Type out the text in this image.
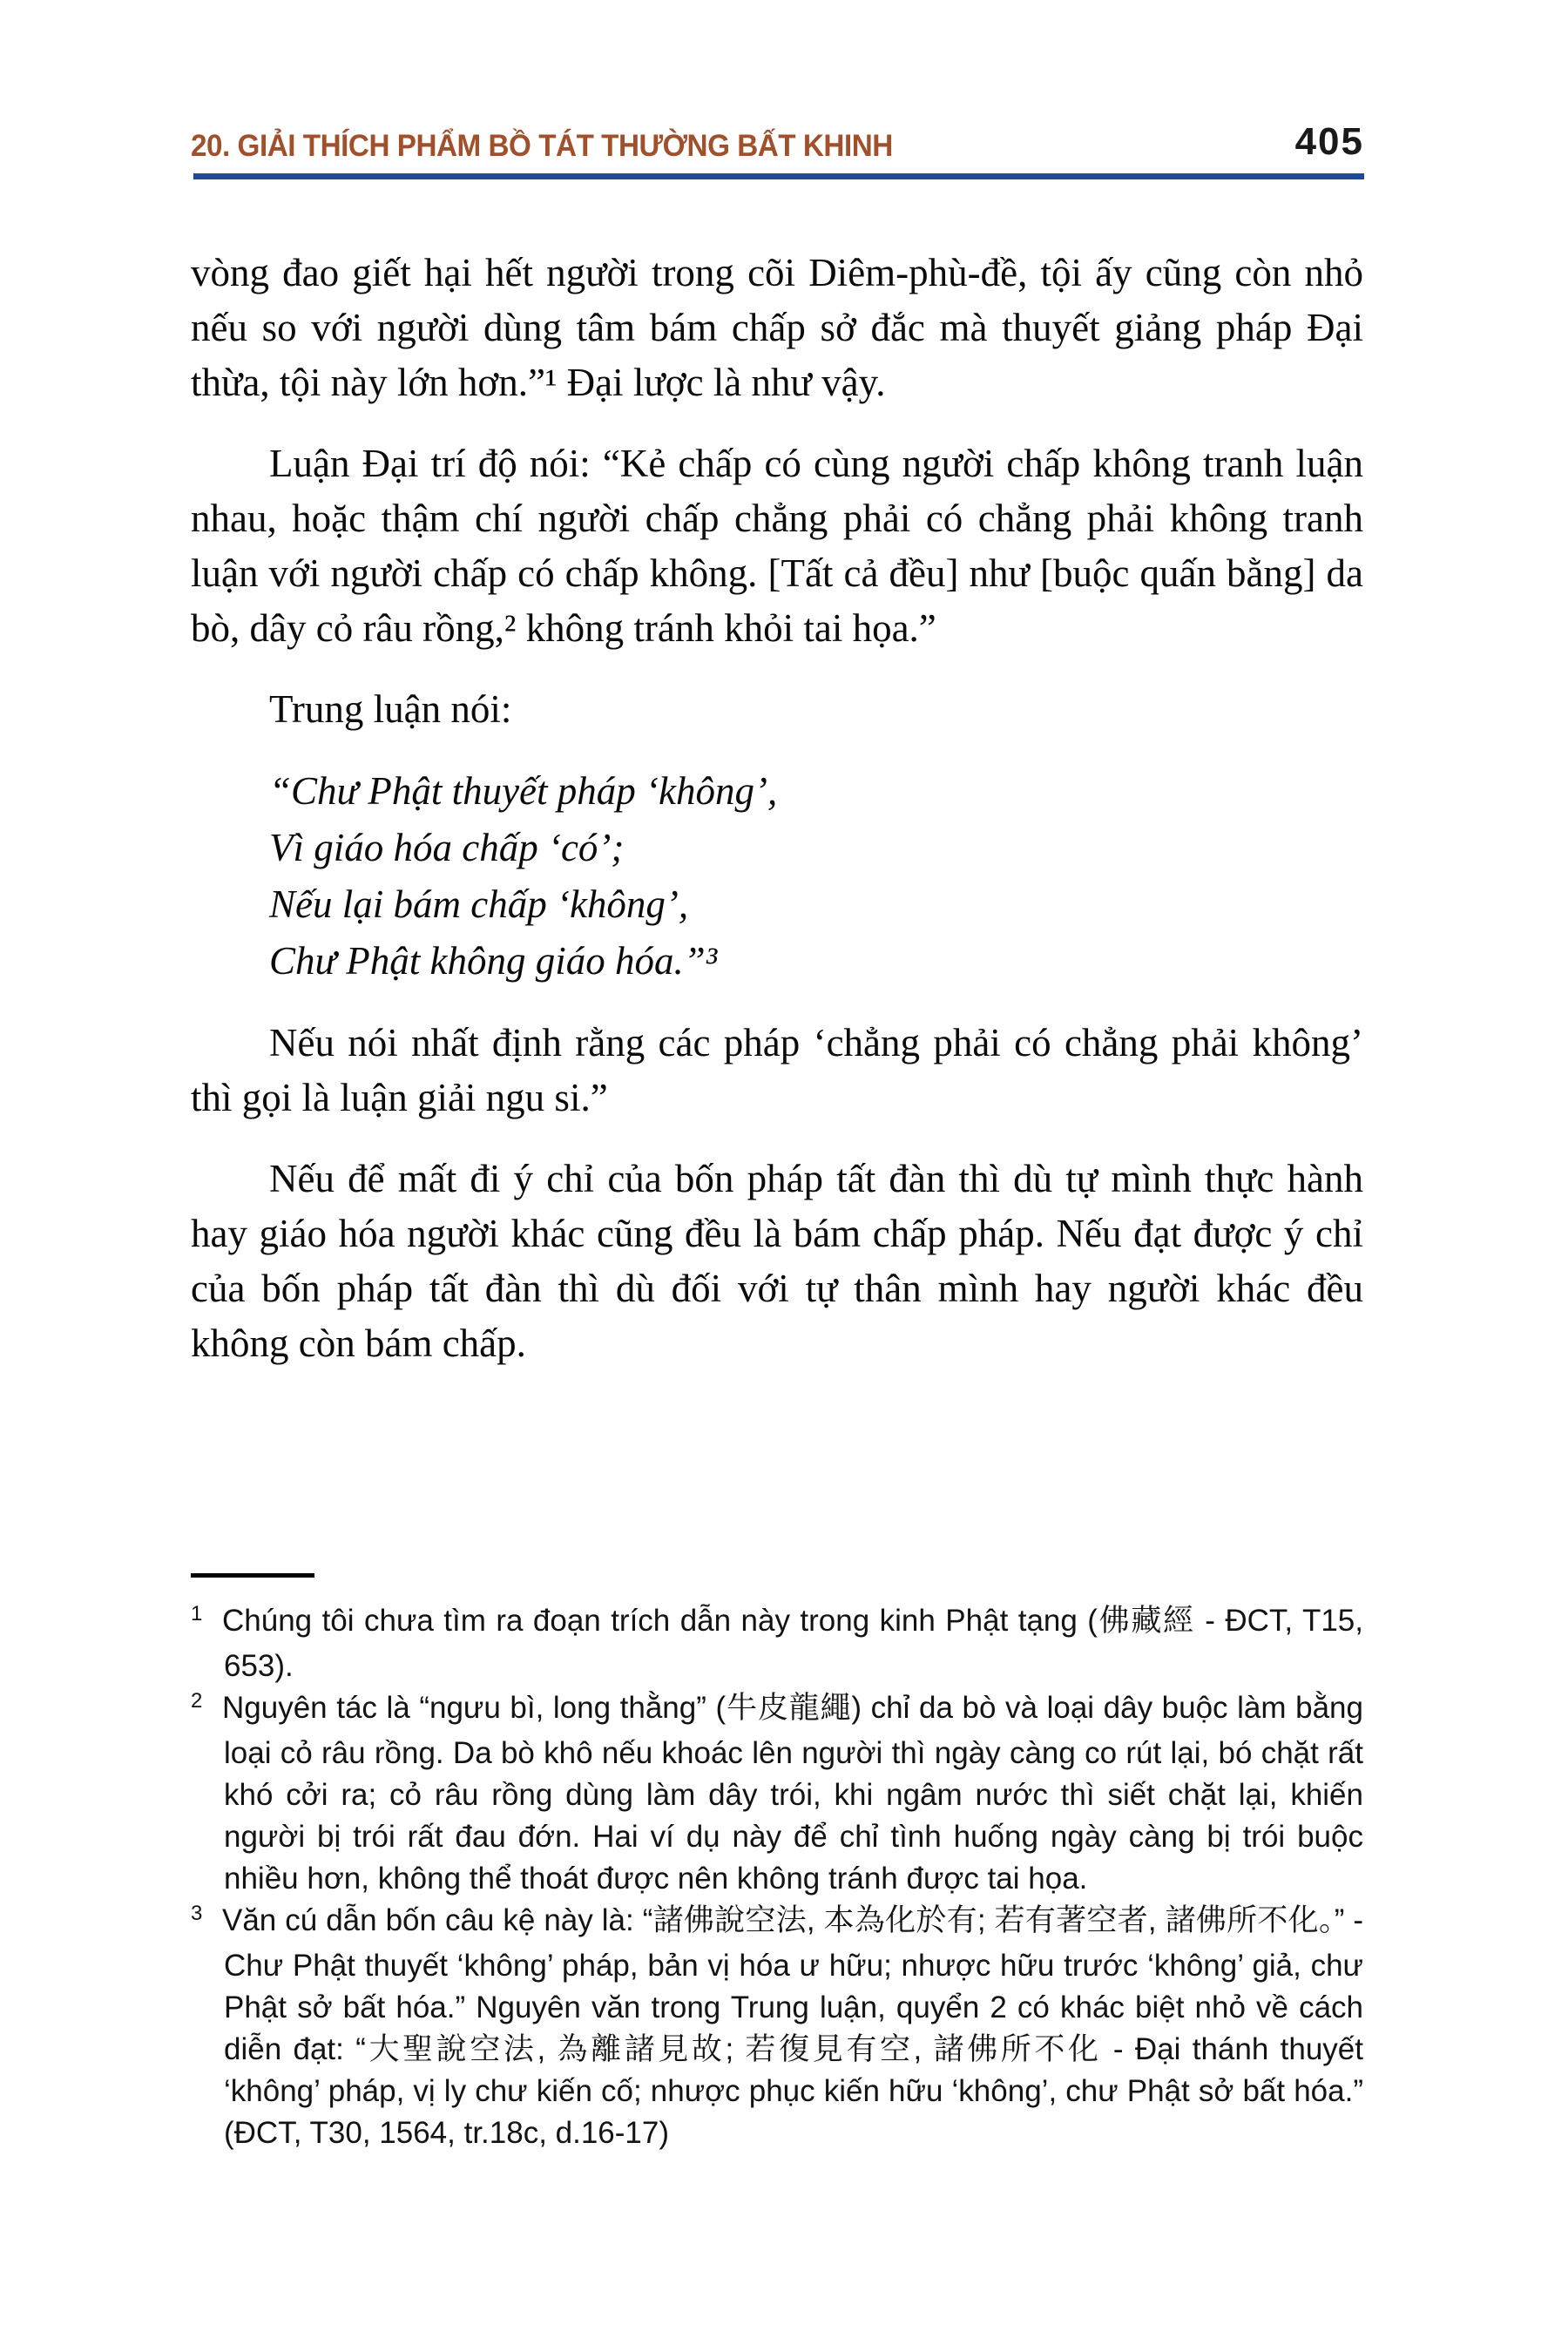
20. GIẢI THÍCH PHẨM BỒ TÁT THƯỜNG BẤT KHINH	405

vòng đao giết hại hết người trong cõi Diêm-phù-đề, tội ấy cũng còn nhỏ nếu so với người dùng tâm bám chấp sở đắc mà thuyết giảng pháp Đại thừa, tội này lớn hơn.”¹ Đại lược là như vậy.

Luận Đại trí độ nói: “Kẻ chấp có cùng người chấp không tranh luận nhau, hoặc thậm chí người chấp chẳng phải có chẳng phải không tranh luận với người chấp có chấp không. [Tất cả đều] như [buộc quấn bằng] da bò, dây cỏ râu rồng,² không tránh khỏi tai họa.”

Trung luận nói:

“Chư Phật thuyết pháp ‘không’,
Vì giáo hóa chấp ‘có’;
Nếu lại bám chấp ‘không’,
Chư Phật không giáo hóa.”³

Nếu nói nhất định rằng các pháp ‘chẳng phải có chẳng phải không’ thì gọi là luận giải ngu si.”

Nếu để mất đi ý chỉ của bốn pháp tất đàn thì dù tự mình thực hành hay giáo hóa người khác cũng đều là bám chấp pháp. Nếu đạt được ý chỉ của bốn pháp tất đàn thì dù đối với tự thân mình hay người khác đều không còn bám chấp.

1 Chúng tôi chưa tìm ra đoạn trích dẫn này trong kinh Phật tạng (佛藏經 - ĐCT, T15, 653).

2 Nguyên tác là “ngưu bì, long thằng” (牛皮龍繩) chỉ da bò và loại dây buộc làm bằng loại cỏ râu rồng. Da bò khô nếu khoác lên người thì ngày càng co rút lại, bó chặt rất khó cởi ra; cỏ râu rồng dùng làm dây trói, khi ngâm nước thì siết chặt lại, khiến người bị trói rất đau đớn. Hai ví dụ này để chỉ tình huống ngày càng bị trói buộc nhiều hơn, không thể thoát được nên không tránh được tai họa.

3 Văn cú dẫn bốn câu kệ này là: “諸佛說空法, 本為化於有; 若有著空者, 諸佛所不化。” - Chư Phật thuyết ‘không’ pháp, bản vị hóa ư hữu; nhược hữu trước ‘không’ giả, chư Phật sở bất hóa.” Nguyên văn trong Trung luận, quyển 2 có khác biệt nhỏ về cách diễn đạt: “大聖說空法, 為離諸見故; 若復見有空, 諸佛所不化 - Đại thánh thuyết ‘không’ pháp, vị ly chư kiến cố; nhược phục kiến hữu ‘không’, chư Phật sở bất hóa.” (ĐCT, T30, 1564, tr.18c, d.16-17)
